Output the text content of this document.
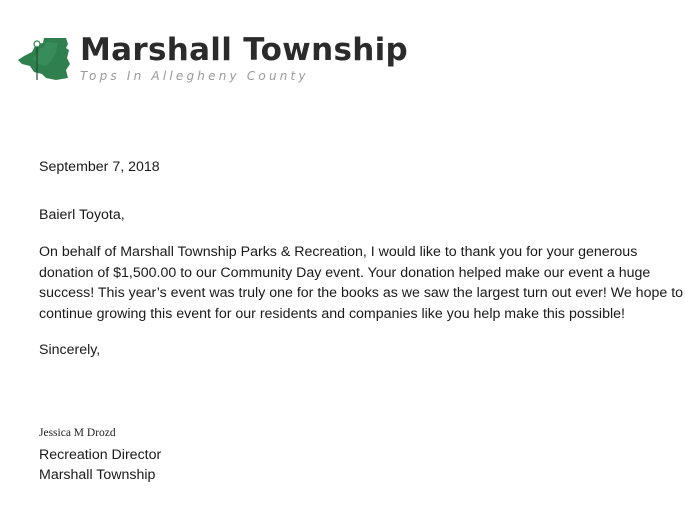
Marshall Township
Tops In Allegheny County
September 7, 2018
Baierl Toyota,
On behalf of Marshall Township Parks & Recreation, I would like to thank you for your generous
donation of $1,500.00 to our Community Day event. Your donation helped make our event a huge
success! This year’s event was truly one for the books as we saw the largest turn out ever! We hope to
continue growing this event for our residents and companies like you help make this possible!
Sincerely,
Jessica M Drozd
Recreation Director
Marshall Township
